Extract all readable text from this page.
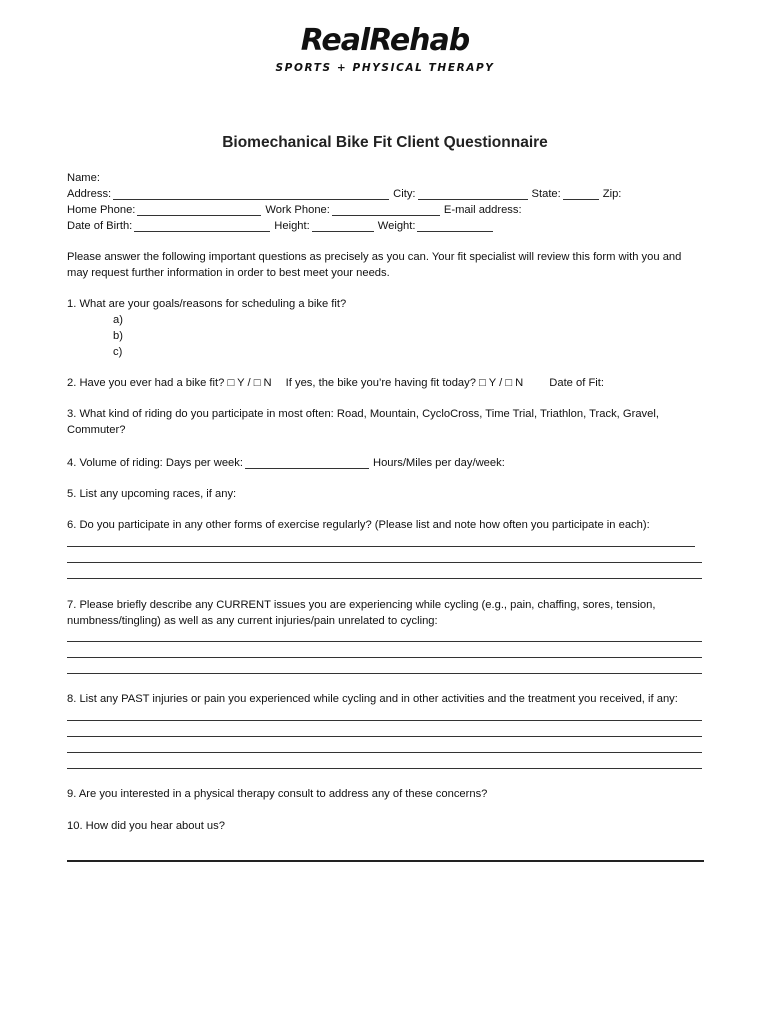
RealRehab
SPORTS + PHYSICAL THERAPY
Biomechanical Bike Fit Client Questionnaire
Name:
Address:	City:	State:	Zip:
Home Phone:	Work Phone:	E-mail address:
Date of Birth:	Height:	Weight:
Please answer the following important questions as precisely as you can. Your fit specialist will review this form with you and may request further information in order to best meet your needs.
1. What are your goals/reasons for scheduling a bike fit?
a)
b)
c)
2. Have you ever had a bike fit? □ Y / □ N If yes, the bike you’re having fit today? □ Y / □ N Date of Fit:
3. What kind of riding do you participate in most often: Road, Mountain, CycloCross, Time Trial, Triathlon, Track, Gravel,
Commuter?
4. Volume of riding: Days per week:	Hours/Miles per day/week:
5. List any upcoming races, if any:
6. Do you participate in any other forms of exercise regularly? (Please list and note how often you participate in each):
7. Please briefly describe any CURRENT issues you are experiencing while cycling (e.g., pain, chaffing, sores, tension,
numbness/tingling) as well as any current injuries/pain unrelated to cycling:
8. List any PAST injuries or pain you experienced while cycling and in other activities and the treatment you received, if any:
9. Are you interested in a physical therapy consult to address any of these concerns?
10. How did you hear about us?
